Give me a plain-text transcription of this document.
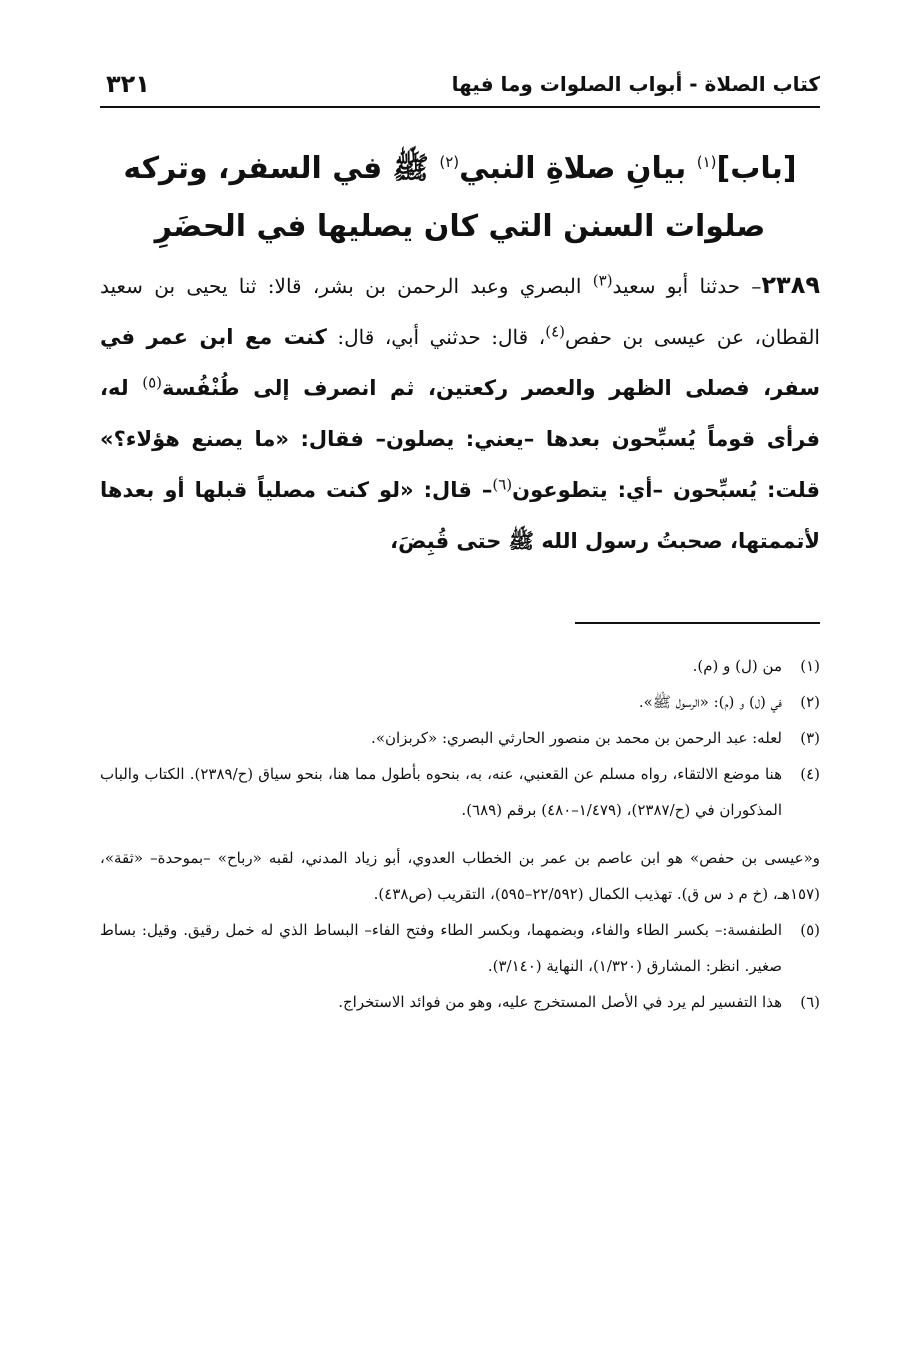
كتاب الصلاة - أبواب الصلوات وما فيها
٣٢١
[باب]$^{(١)}$ بيانِ صلاةِ النبي$^{(٢)}$ ﷺ في السفر، وتركه صلوات السنن التي كان يصليها في الحضَرِ
٢٣٨٩– حدثنا أبو سعيد$^{(٣)}$ البصري وعبد الرحمن بن بشر، قالا: ثنا يحيى بن سعيد القطان، عن عيسى بن حفص$^{(٤)}$، قال: حدثني أبي، قال: كنت مع ابن عمر في سفر، فصلى الظهر والعصر ركعتين، ثم انصرف إلى طُنْفُسة$^{(٥)}$ له، فرأى قوماً يُسبِّحون بعدها –يعني: يصلون– فقال: «ما يصنع هؤلاء؟» قلت: يُسبِّحون –أي: يتطوعون$^{(٦)}$– قال: «لو كنت مصلياً قبلها أو بعدها لأتممتها، صحبتُ رسول الله ﷺ حتى قُبِضَ،

(١)
من (ل) و (م).

(٢)
في (ل) و (م): «الرسول ﷺ».

(٣)
لعله: عبد الرحمن بن محمد بن منصور الحارثي البصري: «كربزان».

(٤)
هنا موضع الالتقاء، رواه مسلم عن القعنبي، عنه، به، بنحوه بأطول مما هنا، بنحو سياق (ح/٢٣٨٩). الكتاب والباب المذكوران في (ح/٢٣٨٧)، (١/٤٧٩–٤٨٠) برقم (٦٨٩).

و«عيسى بن حفص» هو ابن عاصم بن عمر بن الخطاب العدوي، أبو زياد المدني، لقبه «رباح» –بموحدة– «ثقة»، (١٥٧هـ، (خ م د س ق). تهذيب الكمال (٢٢/٥٩٢–٥٩٥)، التقريب (ص٤٣٨).

(٥)
الطنفسة:– بكسر الطاء والفاء، وبضمهما، وبكسر الطاء وفتح الفاء– البساط الذي له خمل رقيق. وقيل: بساط صغير. انظر: المشارق (١/٣٢٠)، النهاية (٣/١٤٠).

(٦)
هذا التفسير لم يرد في الأصل المستخرج عليه، وهو من فوائد الاستخراج.
